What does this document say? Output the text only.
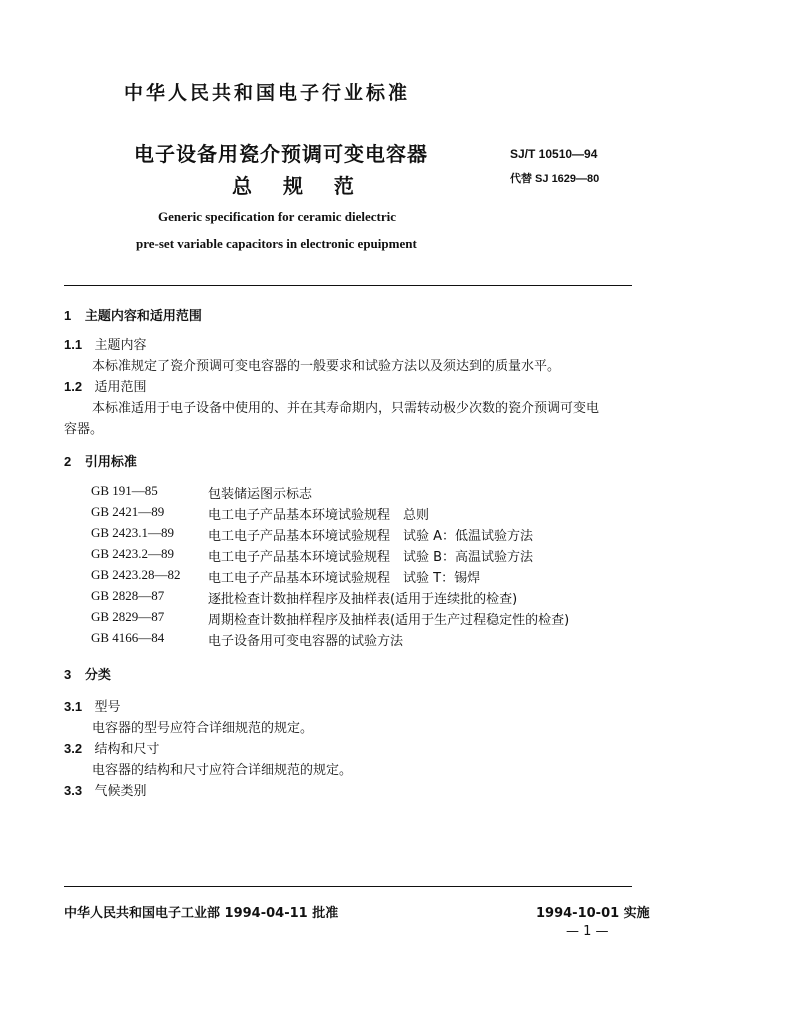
中华人民共和国电子行业标准
电子设备用瓷介预调可变电容器
总 规 范
SJ/T 10510—94
代替 SJ 1629—80
Generic specification for ceramic dielectric
pre-set variable capacitors in electronic epuipment
1 主题内容和适用范围
1.1 主题内容
本标准规定了瓷介预调可变电容器的一般要求和试验方法以及须达到的质量水平。
1.2 适用范围
本标准适用于电子设备中使用的、并在其寿命期内，只需转动极少次数的瓷介预调可变电
容器。
2 引用标准
GB 191—85	包装储运图示标志
GB 2421—89	电工电子产品基本环境试验规程　总则
GB 2423.1—89	电工电子产品基本环境试验规程　试验 A：低温试验方法
GB 2423.2—89	电工电子产品基本环境试验规程　试验 B：高温试验方法
GB 2423.28—82 电工电子产品基本环境试验规程　试验 T：锡焊
GB 2828—87	逐批检查计数抽样程序及抽样表(适用于连续批的检查)
GB 2829—87	周期检查计数抽样程序及抽样表(适用于生产过程稳定性的检查)
GB 4166—84	电子设备用可变电容器的试验方法
3 分类
3.1 型号
电容器的型号应符合详细规范的规定。
3.2 结构和尺寸
电容器的结构和尺寸应符合详细规范的规定。
3.3 气候类别
中华人民共和国电子工业部 1994-04-11 批准	1994-10-01 实施
— 1 —
